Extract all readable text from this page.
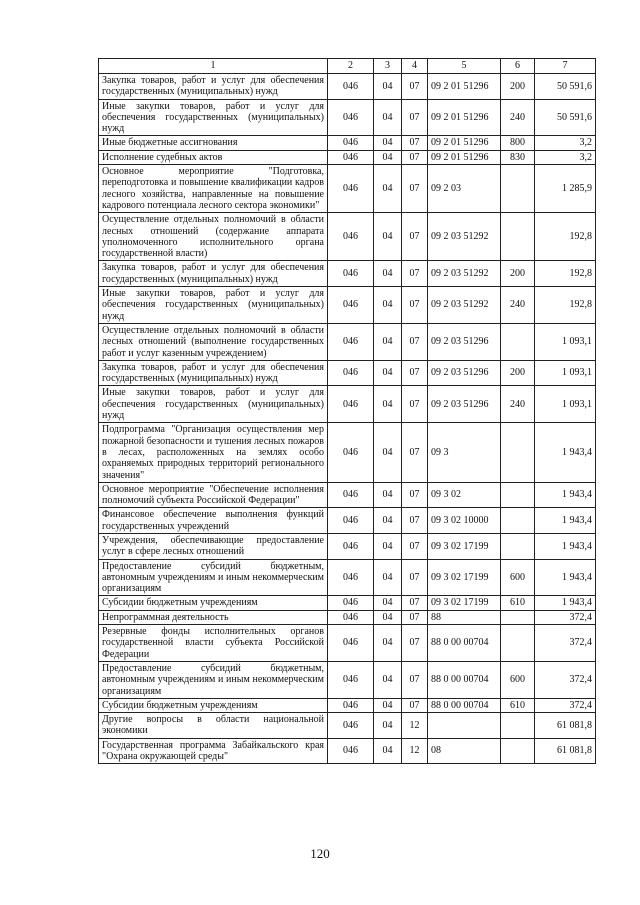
1	2	3	4	5	6	7
Закупка товаров, работ и услуг для обеспечения государственных (муниципальных) нужд	046	04	07	09 2 01 51296	200	50 591,6
Иные закупки товаров, работ и услуг для обеспечения государственных (муниципальных) нужд	046	04	07	09 2 01 51296	240	50 591,6
Иные бюджетные ассигнования	046	04	07	09 2 01 51296	800	3,2
Исполнение судебных актов	046	04	07	09 2 01 51296	830	3,2
Основное мероприятие "Подготовка, переподготовка и повышение квалификации кадров лесного хозяйства, направленные на повышение кадрового потенциала лесного сектора экономики"	046	04	07	09 2 03		1 285,9
Осуществление отдельных полномочий в области лесных отношений (содержание аппарата уполномоченного исполнительного органа государственной власти)	046	04	07	09 2 03 51292		192,8
Закупка товаров, работ и услуг для обеспечения государственных (муниципальных) нужд	046	04	07	09 2 03 51292	200	192,8
Иные закупки товаров, работ и услуг для обеспечения государственных (муниципальных) нужд	046	04	07	09 2 03 51292	240	192,8
Осуществление отдельных полномочий в области лесных отношений (выполнение государственных работ и услуг казенным учреждением)	046	04	07	09 2 03 51296		1 093,1
Закупка товаров, работ и услуг для обеспечения государственных (муниципальных) нужд	046	04	07	09 2 03 51296	200	1 093,1
Иные закупки товаров, работ и услуг для обеспечения государственных (муниципальных) нужд	046	04	07	09 2 03 51296	240	1 093,1
Подпрограмма "Организация осуществления мер пожарной безопасности и тушения лесных пожаров в лесах, расположенных на землях особо охраняемых природных территорий регионального значения"	046	04	07	09 3		1 943,4
Основное мероприятие "Обеспечение исполнения полномочий субъекта Российской Федерации"	046	04	07	09 3 02		1 943,4
Финансовое обеспечение выполнения функций государственных учреждений	046	04	07	09 3 02 10000		1 943,4
Учреждения, обеспечивающие предоставление услуг в сфере лесных отношений	046	04	07	09 3 02 17199		1 943,4
Предоставление субсидий бюджетным, автономным учреждениям и иным некоммерческим организациям	046	04	07	09 3 02 17199	600	1 943,4
Субсидии бюджетным учреждениям	046	04	07	09 3 02 17199	610	1 943,4
Непрограммная деятельность	046	04	07	88		372,4
Резервные фонды исполнительных органов государственной власти субъекта Российской Федерации	046	04	07	88 0 00 00704		372,4
Предоставление субсидий бюджетным, автономным учреждениям и иным некоммерческим организациям	046	04	07	88 0 00 00704	600	372,4
Субсидии бюджетным учреждениям	046	04	07	88 0 00 00704	610	372,4
Другие вопросы в области национальной экономики	046	04	12			61 081,8
Государственная программа Забайкальского края "Охрана окружающей среды"	046	04	12	08		61 081,8
120
